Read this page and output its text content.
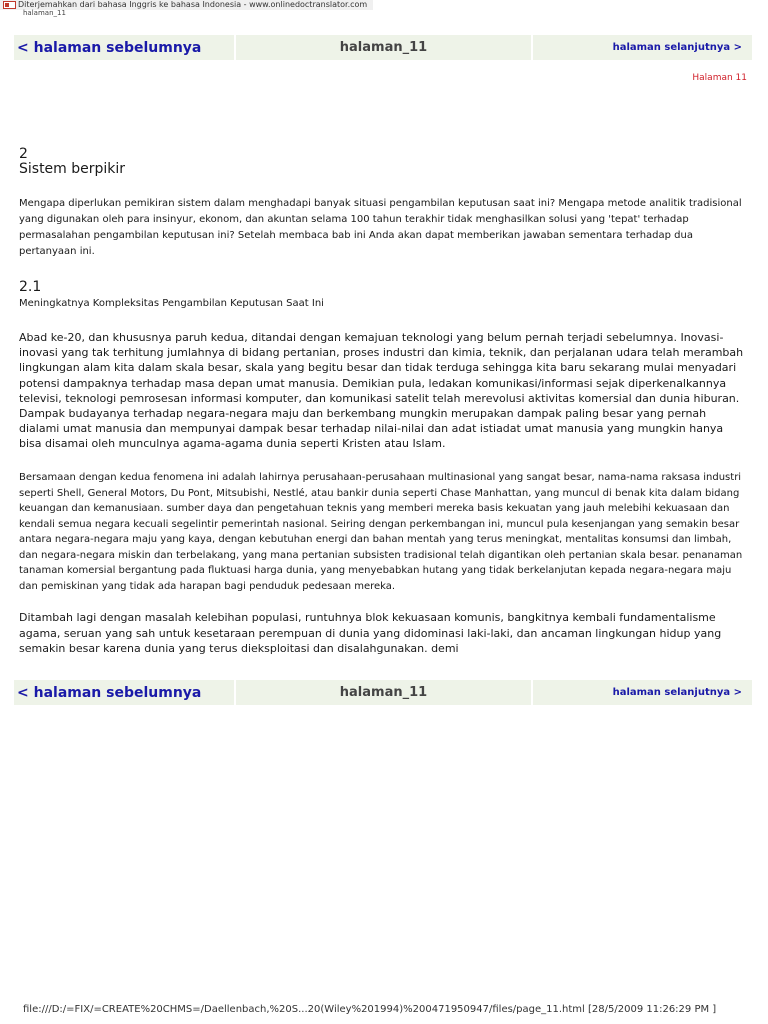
Diterjemahkan dari bahasa Inggris ke bahasa Indonesia - www.onlinedoctranslator.com
halaman_11
< halaman sebelumnya	halaman_11	halaman selanjutnya >
Halaman 11
2
Sistem berpikir

Mengapa diperlukan pemikiran sistem dalam menghadapi banyak situasi pengambilan keputusan saat ini? Mengapa metode analitik tradisional yang digunakan oleh para insinyur, ekonom, dan akuntan selama 100 tahun terakhir tidak menghasilkan solusi yang 'tepat' terhadap permasalahan pengambilan keputusan ini? Setelah membaca bab ini Anda akan dapat memberikan jawaban sementara terhadap dua pertanyaan ini.

2.1
Meningkatnya Kompleksitas Pengambilan Keputusan Saat Ini

Abad ke-20, dan khususnya paruh kedua, ditandai dengan kemajuan teknologi yang belum pernah terjadi sebelumnya. Inovasi-inovasi yang tak terhitung jumlahnya di bidang pertanian, proses industri dan kimia, teknik, dan perjalanan udara telah merambah lingkungan alam kita dalam skala besar, skala yang begitu besar dan tidak terduga sehingga kita baru sekarang mulai menyadari potensi dampaknya terhadap masa depan umat manusia. Demikian pula, ledakan komunikasi/informasi sejak diperkenalkannya televisi, teknologi pemrosesan informasi komputer, dan komunikasi satelit telah merevolusi aktivitas komersial dan dunia hiburan. Dampak budayanya terhadap negara-negara maju dan berkembang mungkin merupakan dampak paling besar yang pernah dialami umat manusia dan mempunyai dampak besar terhadap nilai-nilai dan adat istiadat umat manusia yang mungkin hanya bisa disamai oleh munculnya agama-agama dunia seperti Kristen atau Islam.

Bersamaan dengan kedua fenomena ini adalah lahirnya perusahaan-perusahaan multinasional yang sangat besar, nama-nama raksasa industri seperti Shell, General Motors, Du Pont, Mitsubishi, Nestlé, atau bankir dunia seperti Chase Manhattan, yang muncul di benak kita dalam bidang keuangan dan kemanusiaan. sumber daya dan pengetahuan teknis yang memberi mereka basis kekuatan yang jauh melebihi kekuasaan dan kendali semua negara kecuali segelintir pemerintah nasional. Seiring dengan perkembangan ini, muncul pula kesenjangan yang semakin besar antara negara-negara maju yang kaya, dengan kebutuhan energi dan bahan mentah yang terus meningkat, mentalitas konsumsi dan limbah, dan negara-negara miskin dan terbelakang, yang mana pertanian subsisten tradisional telah digantikan oleh pertanian skala besar. penanaman tanaman komersial bergantung pada fluktuasi harga dunia, yang menyebabkan hutang yang tidak berkelanjutan kepada negara-negara maju dan pemiskinan yang tidak ada harapan bagi penduduk pedesaan mereka.

Ditambah lagi dengan masalah kelebihan populasi, runtuhnya blok kekuasaan komunis, bangkitnya kembali fundamentalisme agama, seruan yang sah untuk kesetaraan perempuan di dunia yang didominasi laki-laki, dan ancaman lingkungan hidup yang semakin besar karena dunia yang terus dieksploitasi dan disalahgunakan. demi

< halaman sebelumnya	halaman_11	halaman selanjutnya >
file:///D:/=FIX/=CREATE%20CHMS=/Daellenbach,%20S...20(Wiley%201994)%200471950947/files/page_11.html [28/5/2009 11:26:29 PM ]
